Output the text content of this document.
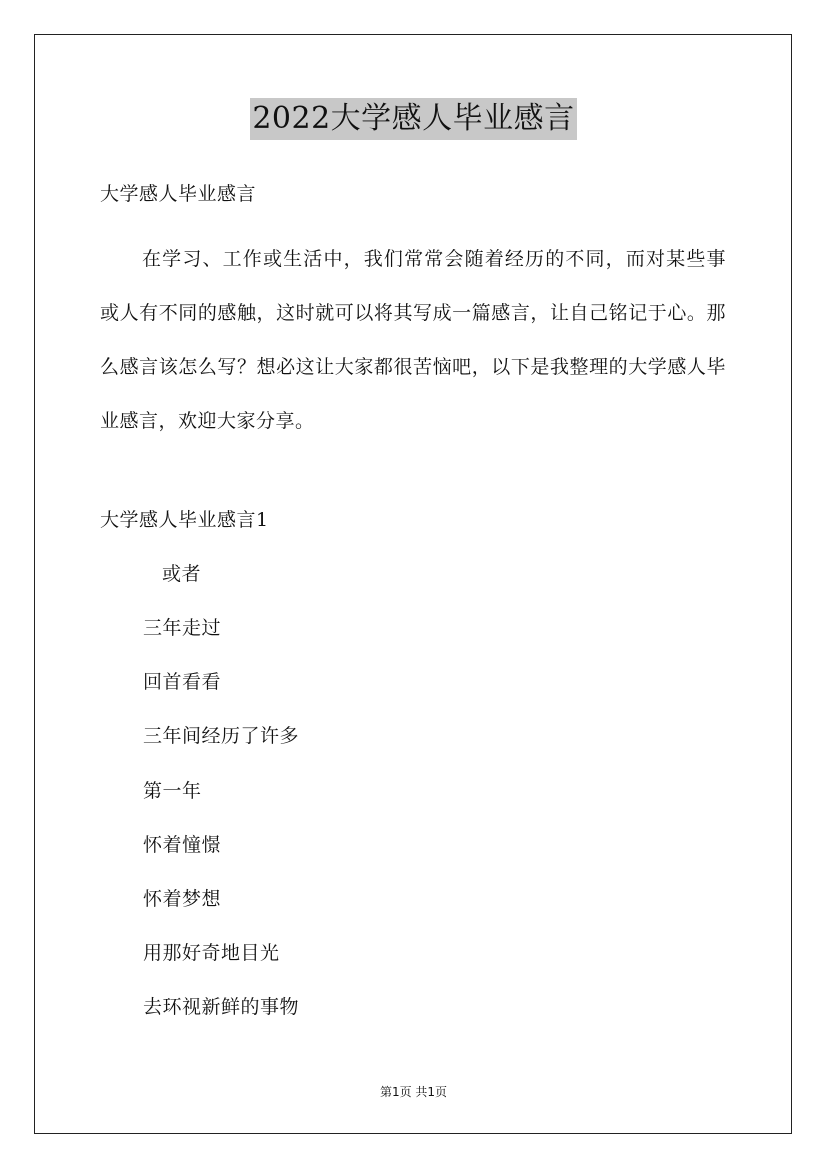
2022大学感人毕业感言
大学感人毕业感言
在学习、工作或生活中，我们常常会随着经历的不同，而对某些事或人有不同的感触，这时就可以将其写成一篇感言，让自己铭记于心。那么感言该怎么写？想必这让大家都很苦恼吧，以下是我整理的大学感人毕业感言，欢迎大家分享。
大学感人毕业感言1
或者
三年走过
回首看看
三年间经历了许多
第一年
怀着憧憬
怀着梦想
用那好奇地目光
去环视新鲜的事物
第1页 共1页
